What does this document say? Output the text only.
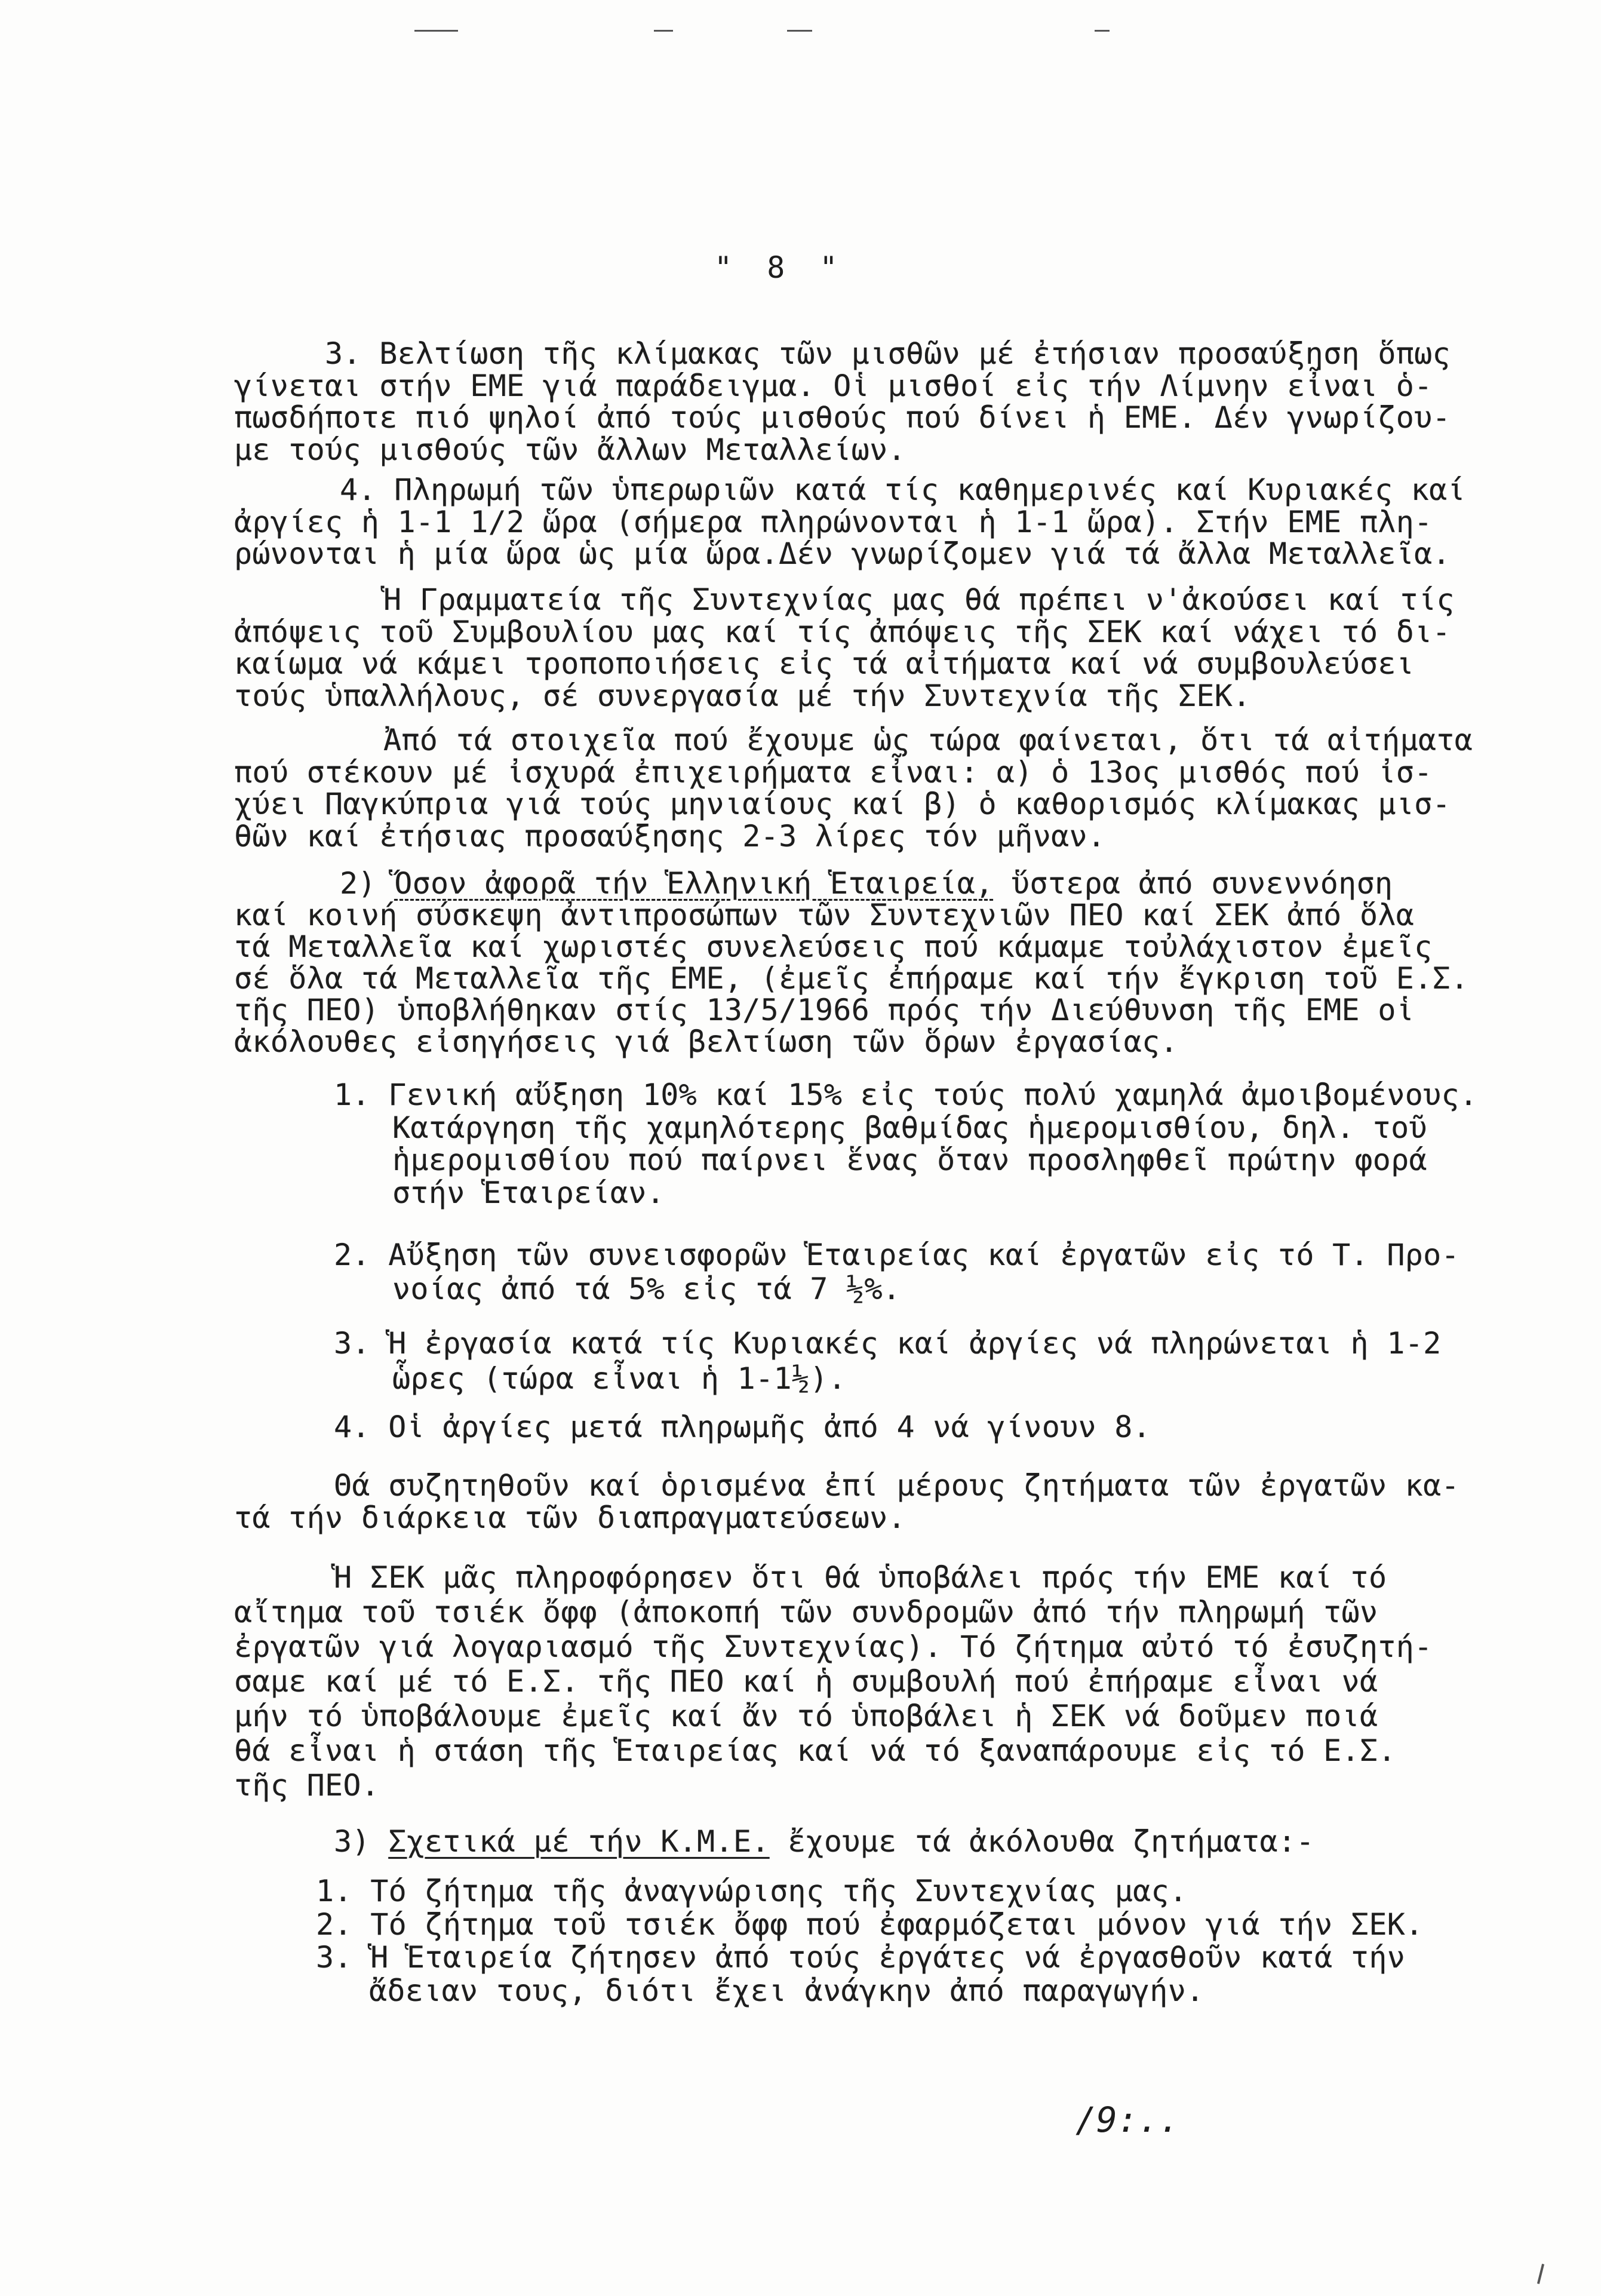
" 8 "
3. Βελτίωση τῆς κλίμακας τῶν μισθῶν μέ ἐτήσιαν προσαύξηση ὅπως
γίνεται στήν ΕΜΕ γιά παράδειγμα. Οἱ μισθοί εἰς τήν Λίμνην εἶναι ὁ-
πωσδήποτε πιό ψηλοί ἀπό τούς μισθούς πού δίνει ἡ ΕΜΕ. Δέν γνωρίζου-
με τούς μισθούς τῶν ἄλλων Μεταλλείων.
4. Πληρωμή τῶν ὑπερωριῶν κατά τίς καθημερινές καί Κυριακές καί
ἀργίες ἡ 1-1 1/2 ὥρα (σήμερα πληρώνονται ἡ 1-1 ὥρα). Στήν ΕΜΕ πλη-
ρώνονται ἡ μία ὥρα ὡς μία ὥρα.Δέν γνωρίζομεν γιά τά ἄλλα Μεταλλεῖα.
Ἡ Γραμματεία τῆς Συντεχνίας μας θά πρέπει ν'ἀκούσει καί τίς
ἀπόψεις τοῦ Συμβουλίου μας καί τίς ἀπόψεις τῆς ΣΕΚ καί νάχει τό δι-
καίωμα νά κάμει τροποποιήσεις εἰς τά αἰτήματα καί νά συμβουλεύσει
τούς ὑπαλλήλους, σέ συνεργασία μέ τήν Συντεχνία τῆς ΣΕΚ.
Ἀπό τά στοιχεῖα πού ἔχουμε ὡς τώρα φαίνεται, ὅτι τά αἰτήματα
πού στέκουν μέ ἰσχυρά ἐπιχειρήματα εἶναι: α) ὁ 13ος μισθός πού ἰσ-
χύει Παγκύπρια γιά τούς μηνιαίους καί β) ὁ καθορισμός κλίμακας μισ-
θῶν καί ἐτήσιας προσαύξησης 2-3 λίρες τόν μῆναν.
2) Ὅσον ἀφορᾶ τήν Ἑλληνική Ἑταιρεία, ὕστερα ἀπό συνεννόηση
καί κοινή σύσκεψη ἀντιπροσώπων τῶν Συντεχνιῶν ΠΕΟ καί ΣΕΚ ἀπό ὅλα
τά Μεταλλεῖα καί χωριστές συνελεύσεις πού κάμαμε τοὐλάχιστον ἐμεῖς
σέ ὅλα τά Μεταλλεῖα τῆς ΕΜΕ, (ἐμεῖς ἐπήραμε καί τήν ἔγκριση τοῦ Ε.Σ.
τῆς ΠΕΟ) ὑποβλήθηκαν στίς 13/5/1966 πρός τήν Διεύθυνση τῆς ΕΜΕ οἱ
ἀκόλουθες εἰσηγήσεις γιά βελτίωση τῶν ὅρων ἐργασίας.
1. Γενική αὔξηση 10% καί 15% εἰς τούς πολύ χαμηλά ἀμοιβομένους.
Κατάργηση τῆς χαμηλότερης βαθμίδας ἡμερομισθίου, δηλ. τοῦ
ἡμερομισθίου πού παίρνει ἕνας ὅταν προσληφθεῖ πρώτην φορά
στήν Ἑταιρείαν.
2. Αὔξηση τῶν συνεισφορῶν Ἑταιρείας καί ἐργατῶν εἰς τό Τ. Προ-
νοίας ἀπό τά 5% εἰς τά 7 ½%.
3. Ἡ ἐργασία κατά τίς Κυριακές καί ἀργίες νά πληρώνεται ἡ 1-2
ὧρες (τώρα εἶναι ἡ 1-1½).
4. Οἱ ἀργίες μετά πληρωμῆς ἀπό 4 νά γίνουν 8.
Θά συζητηθοῦν καί ὁρισμένα ἐπί μέρους ζητήματα τῶν ἐργατῶν κα-
τά τήν διάρκεια τῶν διαπραγματεύσεων.
Ἡ ΣΕΚ μᾶς πληροφόρησεν ὅτι θά ὑποβάλει πρός τήν ΕΜΕ καί τό
αἴτημα τοῦ τσιέκ ὄφφ (ἀποκοπή τῶν συνδρομῶν ἀπό τήν πληρωμή τῶν
ἐργατῶν γιά λογαριασμό τῆς Συντεχνίας). Τό ζήτημα αὐτό τό ἐσυζητή-
σαμε καί μέ τό Ε.Σ. τῆς ΠΕΟ καί ἡ συμβουλή πού ἐπήραμε εἶναι νά
μήν τό ὑποβάλουμε ἐμεῖς καί ἄν τό ὑποβάλει ἡ ΣΕΚ νά δοῦμεν ποιά
θά εἶναι ἡ στάση τῆς Ἑταιρείας καί νά τό ξαναπάρουμε εἰς τό Ε.Σ.
τῆς ΠΕΟ.
3) Σχετικά μέ τήν Κ.Μ.Ε. ἔχουμε τά ἀκόλουθα ζητήματα:-
1. Τό ζήτημα τῆς ἀναγνώρισης τῆς Συντεχνίας μας.
2. Τό ζήτημα τοῦ τσιέκ ὄφφ πού ἐφαρμόζεται μόνον γιά τήν ΣΕΚ.
3. Ἡ Ἑταιρεία ζήτησεν ἀπό τούς ἐργάτες νά ἐργασθοῦν κατά τήν
ἄδειαν τους, διότι ἔχει ἀνάγκην ἀπό παραγωγήν.
/9:..
